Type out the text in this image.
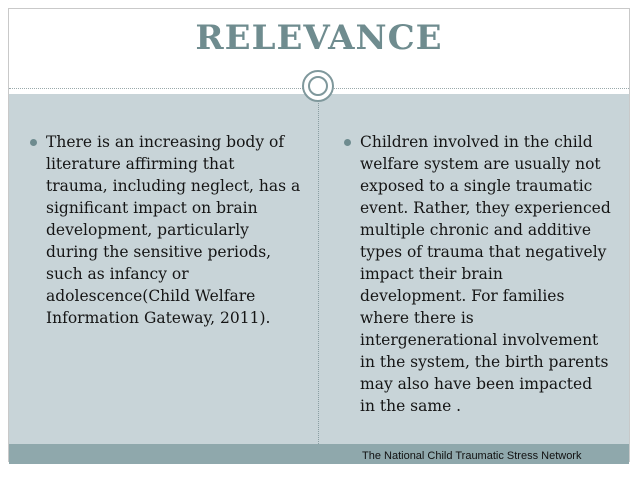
RELEVANCE
There is an increasing body of
literature affirming that
trauma, including neglect, has a
significant impact on brain
development, particularly
during the sensitive periods,
such as infancy or
adolescence(Child Welfare
Information Gateway, 2011).
Children involved in the child
welfare system are usually not
exposed to a single traumatic
event. Rather, they experienced
multiple chronic and additive
types of trauma that negatively
impact their brain
development. For families
where there is
intergenerational involvement
in the system, the birth parents
may also have been impacted
in the same .
The National Child Traumatic Stress Network
